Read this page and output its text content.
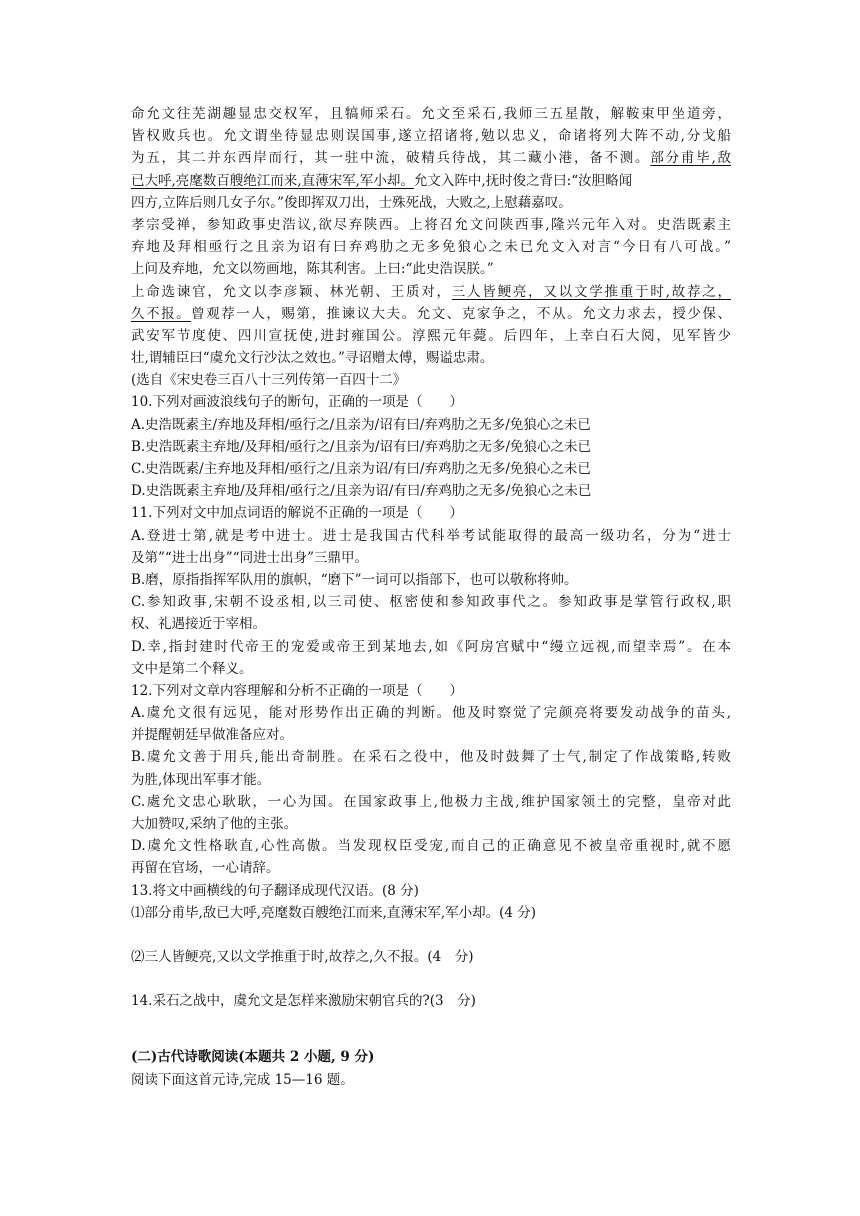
命允文往芜湖趣显忠交权军，且犒师采石。允文至采石,我师三五星散，解鞍束甲坐道旁，
皆权败兵也。允文谓坐待显忠则误国事,遂立招诸将,勉以忠义，命诸将列大阵不动,分戈船
为五，其二并东西岸而行，其一驻中流，破精兵待战，其二藏小港，备不测。部分甫毕,敌
已大呼,亮麾数百艘绝江而来,直薄宋军,军小却。允文入阵中,抚时俊之背曰:“汝胆略闻
四方,立阵后则几女子尔。”俊即挥双刀出，士殊死战，大败之,上慰藉嘉叹。
孝宗受禅，参知政事史浩议,欲尽弃陕西。上将召允文问陕西事,隆兴元年入对。史浩既素主
弃地及拜相亟行之且亲为诏有曰弃鸡肋之无多免狼心之未已允文入对言“今日有八可战。”
上问及弃地，允文以笏画地，陈其利害。上曰:“此史浩误朕。”
上命选谏官，允文以李彦颖、林光朝、王质对，三人皆鲠亮，又以文学推重于时,故荐之，
久不报。曾观荐一人，赐第，推谏议大夫。允文、克家争之，不从。允文力求去，授少保、
武安军节度使、四川宣抚使,进封雍国公。淳熙元年薨。后四年，上幸白石大阅，见军皆少
壮,谓辅臣曰“虞允文行沙汰之效也。”寻诏赠太傅，赐谥忠肃。
(选自《宋史卷三百八十三列传第一百四十二》
10.下列对画波浪线句子的断句，正确的一项是（　　）
A.史浩既素主/弃地及拜相/亟行之/且亲为/诏有曰/弃鸡肋之无多/免狼心之未已
B.史浩既素主弃地/及拜相/亟行之/且亲为/诏有曰/弃鸡肋之无多/免狼心之未已
C.史浩既素/主弃地及拜相/亟行之/且亲为诏/有曰/弃鸡肋之无多/免狼心之未已
D.史浩既素主弃地/及拜相/亟行之/且亲为诏/有曰/弃鸡肋之无多/免狼心之未已
11.下列对文中加点词语的解说不正确的一项是（　　）
A.登进士第,就是考中进士。进士是我国古代科举考试能取得的最高一级功名，分为“进士
及第”“进士出身”“同进士出身”三鼎甲。
B.磨，原指指挥军队用的旗帜，“磨下”一词可以指部下，也可以敬称将帅。
C.参知政事,宋朝不设丞相,以三司使、枢密使和参知政事代之。参知政事是掌管行政权,职
权、礼遇接近于宰相。
D.幸,指封建时代帝王的宠爱或帝王到某地去,如《阿房宫赋中“缦立远视,而望幸焉”。在本
文中是第二个释义。
12.下列对文章内容理解和分析不正确的一项是（　　）
A.虞允文很有远见，能对形势作出正确的判断。他及时察觉了完颜亮将要发动战争的苗头,
并提醒朝廷早做准备应对。
B.虞允文善于用兵,能出奇制胜。在采石之役中，他及时鼓舞了士气,制定了作战策略,转败
为胜,体现出军事才能。
C.處允文忠心耿耿，一心为国。在国家政事上,他极力主战,维护国家领土的完整，皇帝对此
大加赞叹,采纳了他的主张。
D.虞允文性格耿直,心性高傲。当发现权臣受宠,而自己的正确意见不被皇帝重视时,就不愿
再留在官场，一心请辞。
13.将文中画横线的句子翻译成现代汉语。(8 分)
⑴部分甫毕,敌已大呼,亮麾数百艘绝江而来,直薄宋军,军小却。(4 分)
⑵三人皆鲠亮,又以文学推重于时,故荐之,久不报。(4　分)
14.采石之战中，虞允文是怎样来激励宋朝官兵的?(3　分)
(二)古代诗歌阅读(本题共 2 小题, 9 分)
阅读下面这首元诗,完成 15—16 题。
